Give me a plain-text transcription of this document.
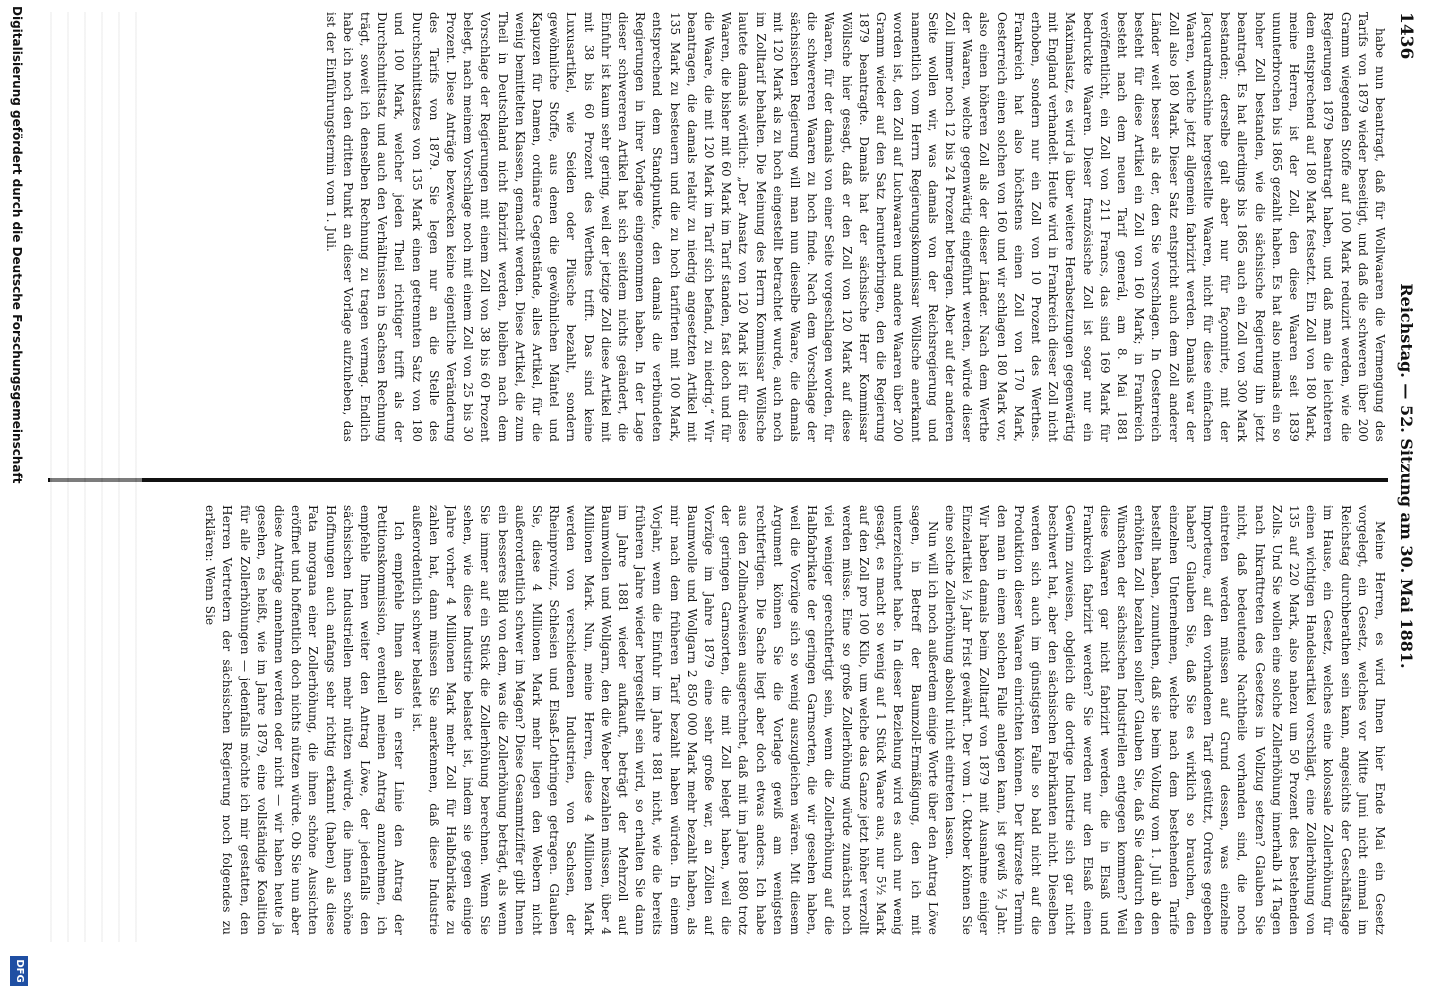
1436
Reichstag. — 52. Sitzung am 30. Mai 1881.

habe nun beantragt, daß für Wollwaaren die Vermengung des Tarifs von 1879 wieder beseitigt, und daß die schweren über 200 Gramm wiegenden Stoffe auf 100 Mark reduzirt werden, wie die Regierungen 1879 beantragt haben, und daß man die leichteren dem entsprechend auf 180 Mark festsetzt. Ein Zoll von 180 Mark, meine Herren, ist der Zoll, den diese Waaren seit 1839 ununterbrochen bis 1865 gezahlt haben. Es hat also niemals ein so hoher Zoll bestanden, wie die sächsische Regierung ihn jetzt beantragt. Es hat allerdings bis 1865 auch ein Zoll von 300 Mark bestanden; derselbe galt aber nur für façonnirte, mit der Jacquardmaschine hergestellte Waaren, nicht für diese einfachen Waaren, welche jetzt allgemein fabrizirt werden. Damals war der Zoll also 180 Mark. Dieser Satz entspricht auch dem Zoll anderer Länder weit besser als der, den Sie vorschlagen. In Oesterreich besteht für diese Artikel ein Zoll von 160 Mark; in Frankreich besteht nach dem neuen Tarif generál, am 8. Mai 1881 veröffentlicht, ein Zoll von 211 Francs, das sind 169 Mark für bedruckte Waaren. Dieser französische Zoll ist sogar nur ein Maximalsatz, es wird ja über weitere Herabsetzungen gegenwärtig mit England verhandelt. Heute wird in Frankreich dieser Zoll nicht erhoben, sondern nur ein Zoll von 10 Prozent des Werthes. Frankreich hat also höchstens einen Zoll von 170 Mark, Oesterreich einen solchen von 160 und wir schlagen 180 Mark vor, also einen höheren Zoll als der dieser Länder. Nach dem Werthe der Waaren, welche gegenwärtig eingeführt werden, würde dieser Zoll immer noch 12 bis 24 Prozent betragen. Aber auf der anderen Seite wollen wir, was damals von der Reichsregierung und namentlich vom Herrn Regierungskommissar Wöllsche anerkannt worden ist, den Zoll auf Luchwaaren und andere Waaren über 200 Gramm wieder auf den Satz herunterbringen, den die Regierung 1879 beantragte. Damals hat der sächsische Herr Kommissar Wöllsche hier gesagt, daß er den Zoll von 120 Mark auf diese Waaren, für der damals von einer Seite vorgeschlagen worden, für die schwereren Waaren zu hoch finde. Nach dem Vorschlage der sächsischen Regierung will man nun dieselbe Waare, die damals mit 120 Mark als zu hoch eingestellt betrachtet wurde, auch noch im Zolltarif behalten. Die Meinung des Herrn Kommissar Wöllsche lautete damals wörtlich: „Der Ansatz von 120 Mark ist für diese Waaren, die bisher mit 60 Mark im Tarif standen, fast doch und für die Waare, die mit 120 Mark im Tarif sich befand, zu niedrig.“ Wir beantragen, die damals relativ zu niedrig angesetzten Artikel mit 135 Mark zu besteuern und die zu hoch tarifirten mit 100 Mark, entsprechend dem Standpunkte, den damals die verbündeten Regierungen in ihrer Vorlage eingenommen haben. In der Lage dieser schwereren Artikel hat sich seitdem nichts geändert, die Einfuhr ist kaum sehr gering, weil der jetzige Zoll diese Artikel mit mit 38 bis 60 Prozent des Werthes trifft. Das sind keine Luxusartikel, wie Seiden oder Plüsche bezahlt, sondern gewöhnliche Stoffe, aus denen die gewöhnlichen Mäntel und Kapuzen für Damen, ordinäre Gegenstände, alles Artikel, für die wenig bemittelten Klassen, gemacht werden. Diese Artikel, die zum Theil in Deutschland nicht fabrizirt werden, bleiben nach dem Vorschlage der Regierungen mit einem Zoll von 38 bis 60 Prozent belegt, nach meinem Vorschlage noch mit einem Zoll von 25 bis 30 Prozent. Diese Anträge bezwecken keine eigentliche Veränderung des Tarifs von 1879. Sie legen nur an die Stelle des Durchschnittsatzes von 135 Mark einen getrennten Satz von 180 und 100 Mark, welcher jeden Theil richtiger trifft als der Durchschnittsatz und auch den Verhältnissen in Sachsen Rechnung trägt, soweit ich denselben Rechnung zu tragen vermag. Endlich habe ich noch den dritten Punkt an dieser Vorlage aufzuheben, das ist der Einführungstermin vom 1. Juli.

Meine Herren, es wird Ihnen hier Ende Mai ein Gesetz vorgelegt, ein Gesetz, welches vor Mitte Juni nicht einmal im Reichstag durchberathen sein kann, angesichts der Geschäftslage im Hause, ein Gesetz, welches eine kolossale Zollerhöhung für einen wichtigen Handelsartikel vorschlägt, eine Zollerhöhung von 135 auf 220 Mark, also nahezu um 50 Prozent des bestehenden Zolls. Und Sie wollen eine solche Zollerhöhung innerhalb 14 Tagen nach Inkrafttreten des Gesetzes in Vollzug setzen? Glauben Sie nicht, daß bedeutende Nachtheile vorhanden sind, die noch eintreten werden müssen auf Grund dessen, was einzelne Importeure, auf den vorhandenen Tarif gestützt, Ordres gegeben haben? Glauben Sie, daß Sie es wirklich so brauchen, den einzelnen Unternehmen, welche nach dem bestehenden Tarife bestellt haben, zumuthen, daß sie beim Vollzug vom 1. Juli ab den erhöhten Zoll bezahlen sollen? Glauben Sie, daß Sie dadurch den Wünschen der sächsischen Industriellen entgegen kommen? Weil diese Waaren gar nicht fabrizirt werden, die in Elsaß und Frankreich fabrizirt werden? Sie werden nur den Elsaß einen Gewinn zuweisen, obgleich die dortige Industrie sich gar nicht beschwert hat, aber den sächsischen Fabrikanten nicht. Dieselben werden sich auch im günstigsten Falle so bald nicht auf die Produktion dieser Waaren einrichten können. Der kürzeste Termin den man in einem solchen Falle anlegen kann, ist gewiß ½ Jahr. Wir haben damals beim Zolltarif von 1879 mit Ausnahme einiger Einzelartikel ½ Jahr Frist gewährt. Der vom 1. Oktober können Sie eine solche Zollerhöhung absolut nicht eintreten lassen.

Nun will ich noch außerdem einige Worte über den Antrag Löwe sagen, in Betreff der Baumzoll-Ermäßigung, den ich mit unterzeichnet habe. In dieser Beziehung wird es auch nur wenig gesagt, es macht so wenig auf 1 Stück Waare aus, nur 5½ Mark auf den Zoll pro 100 Kilo, um welche das Ganze jetzt höher verzollt werden müsse. Eine so große Zollerhöhung würde zunächst noch viel weniger gerechtfertigt sein, wenn die Zollerhöhung auf die Halbfabrikate der geringen Garnsorten, die wir gesehen haben, weil die Vorzüge sich so wenig auszugleichen wären. Mit diesem Argument können Sie die Vorlage gewiß am wenigsten rechtfertigen. Die Sache liegt aber doch etwas anders. Ich habe aus den Zollnachweisen ausgerechnet, daß mit im Jahre 1880 trotz der geringen Garnsorten, die mit Zoll belegt haben, weil die Vorzüge im Jahre 1879 eine sehr große war, an Zöllen auf Baumwolle und Wollgarn 2 850 000 Mark mehr bezahlt haben, als mir nach dem früheren Tarif bezahlt haben würden. In einem Vorjahr, wenn die Einfuhr im Jahre 1881 nicht, wie die bereits früheren Jahre wieder hergestellt sein wird, so erhalten Sie dann im Jahre 1881 wieder aufkauft, beträgt der Mehrzoll auf Baumwollen und Wollgarn, den die Weber bezahlen müssen, über 4 Millionen Mark. Nun, meine Herren, diese 4 Millionen Mark werden von verschiedenen Industrien, von Sachsen, der Rheinprovinz, Schlesien und Elsaß-Lothringen getragen. Glauben Sie, diese 4 Millionen Mark mehr liegen den Webern nicht außerordentlich schwer im Magen? Diese Gesammtziffer gibt Ihnen ein besseres Bild von dem, was die Zollerhöhung beträgt, als wenn Sie immer auf ein Stück die Zollerhöhung berechnen. Wenn Sie sehen, wie diese Industrie belastet ist, indem sie gegen einige Jahre vorher 4 Millionen Mark mehr Zoll für Halbfabrikate zu zahlen hat, dann müssen Sie anerkennen, daß diese Industrie außerordentlich schwer belastet ist.

Ich empfehle Ihnen also in erster Linie den Antrag der Petitionskommission, eventuell meinen Antrag anzunehmen, ich empfehle Ihnen weiter den Antrag Löwe, der jedenfalls den sächsischen Industriellen mehr nützen würde, die ihnen schöne Hoffnungen auch anfangs sehr richtig erkannt (haben) als diese Fata morgana einer Zollerhöhung, die ihnen schöne Aussichten eröffnet und hoffentlich doch nichts nützen würde. Ob Sie nun aber diese Anträge annehmen werden oder nicht — wir haben heute ja gesehen, es heißt, wie im Jahre 1879, eine vollständige Koalition für alle Zollerhöhungen — jedenfalls möchte ich mir gestatten, den Herren Vertretern der sächsischen Regierung noch folgendes zu erklären: Wenn Sie

Digitalisierung gefördert durch die Deutsche Forschungsgemeinschaft
DFG
